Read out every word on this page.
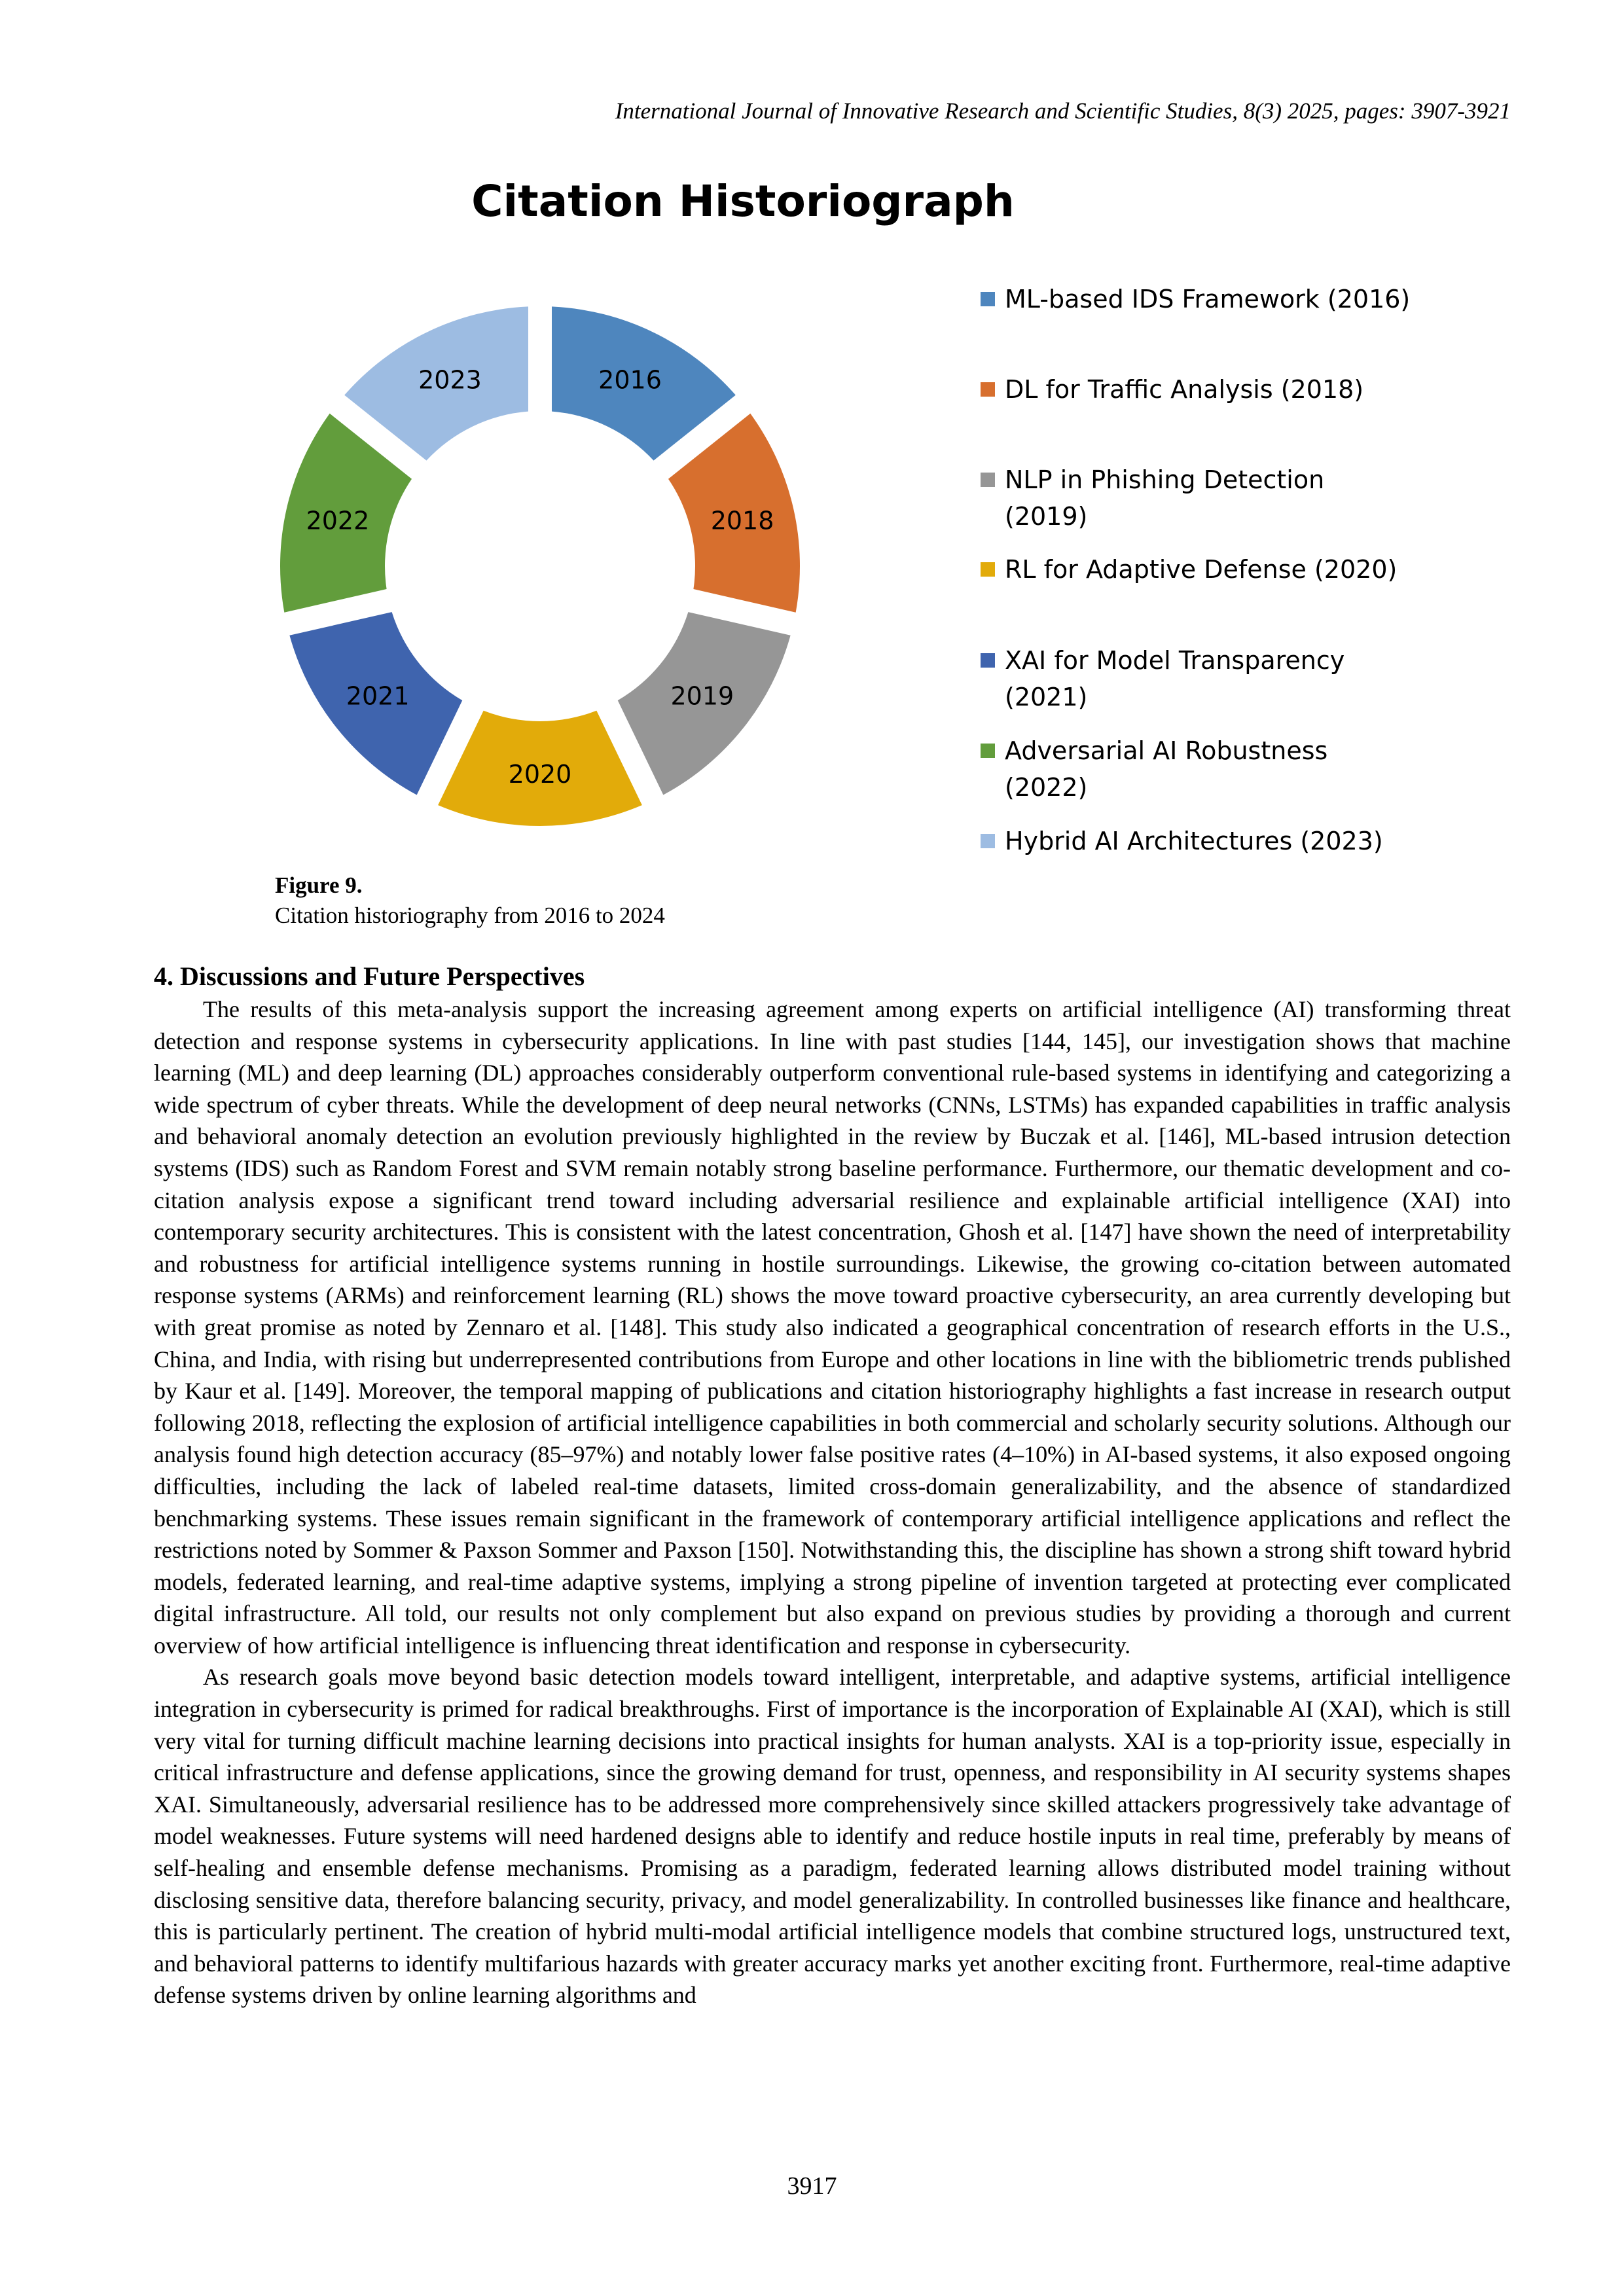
International Journal of Innovative Research and Scientific Studies, 8(3) 2025, pages: 3907-3921
Citation Historiograph
2016
2018
2019
2020
2021
2022
2023
ML-based IDS Framework (2016)
DL for Traffic Analysis (2018)
NLP in Phishing Detection (2019)
RL for Adaptive Defense (2020)
XAI for Model Transparency (2021)
Adversarial AI Robustness (2022)
Hybrid AI Architectures (2023)
Figure 9.
Citation historiography from 2016 to 2024
4. Discussions and Future Perspectives

The results of this meta-analysis support the increasing agreement among experts on artificial intelligence (AI) transforming threat detection and response systems in cybersecurity applications. In line with past studies [144, 145], our investigation shows that machine learning (ML) and deep learning (DL) approaches considerably outperform conventional rule-based systems in identifying and categorizing a wide spectrum of cyber threats. While the development of deep neural networks (CNNs, LSTMs) has expanded capabilities in traffic analysis and behavioral anomaly detection an evolution previously highlighted in the review by Buczak et al. [146], ML-based intrusion detection systems (IDS) such as Random Forest and SVM remain notably strong baseline performance. Furthermore, our thematic development and co-citation analysis expose a significant trend toward including adversarial resilience and explainable artificial intelligence (XAI) into contemporary security architectures. This is consistent with the latest concentration, Ghosh et al. [147] have shown the need of interpretability and robustness for artificial intelligence systems running in hostile surroundings. Likewise, the growing co-citation between automated response systems (ARMs) and reinforcement learning (RL) shows the move toward proactive cybersecurity, an area currently developing but with great promise as noted by Zennaro et al. [148]. This study also indicated a geographical concentration of research efforts in the U.S., China, and India, with rising but underrepresented contributions from Europe and other locations in line with the bibliometric trends published by Kaur et al. [149]. Moreover, the temporal mapping of publications and citation historiography highlights a fast increase in research output following 2018, reflecting the explosion of artificial intelligence capabilities in both commercial and scholarly security solutions. Although our analysis found high detection accuracy (85–97%) and notably lower false positive rates (4–10%) in AI-based systems, it also exposed ongoing difficulties, including the lack of labeled real-time datasets, limited cross-domain generalizability, and the absence of standardized benchmarking systems. These issues remain significant in the framework of contemporary artificial intelligence applications and reflect the restrictions noted by Sommer & Paxson Sommer and Paxson [150]. Notwithstanding this, the discipline has shown a strong shift toward hybrid models, federated learning, and real-time adaptive systems, implying a strong pipeline of invention targeted at protecting ever complicated digital infrastructure. All told, our results not only complement but also expand on previous studies by providing a thorough and current overview of how artificial intelligence is influencing threat identification and response in cybersecurity.

As research goals move beyond basic detection models toward intelligent, interpretable, and adaptive systems, artificial intelligence integration in cybersecurity is primed for radical breakthroughs. First of importance is the incorporation of Explainable AI (XAI), which is still very vital for turning difficult machine learning decisions into practical insights for human analysts. XAI is a top-priority issue, especially in critical infrastructure and defense applications, since the growing demand for trust, openness, and responsibility in AI security systems shapes XAI. Simultaneously, adversarial resilience has to be addressed more comprehensively since skilled attackers progressively take advantage of model weaknesses. Future systems will need hardened designs able to identify and reduce hostile inputs in real time, preferably by means of self-healing and ensemble defense mechanisms. Promising as a paradigm, federated learning allows distributed model training without disclosing sensitive data, therefore balancing security, privacy, and model generalizability. In controlled businesses like finance and healthcare, this is particularly pertinent. The creation of hybrid multi-modal artificial intelligence models that combine structured logs, unstructured text, and behavioral patterns to identify multifarious hazards with greater accuracy marks yet another exciting front. Furthermore, real-time adaptive defense systems driven by online learning algorithms and

3917
